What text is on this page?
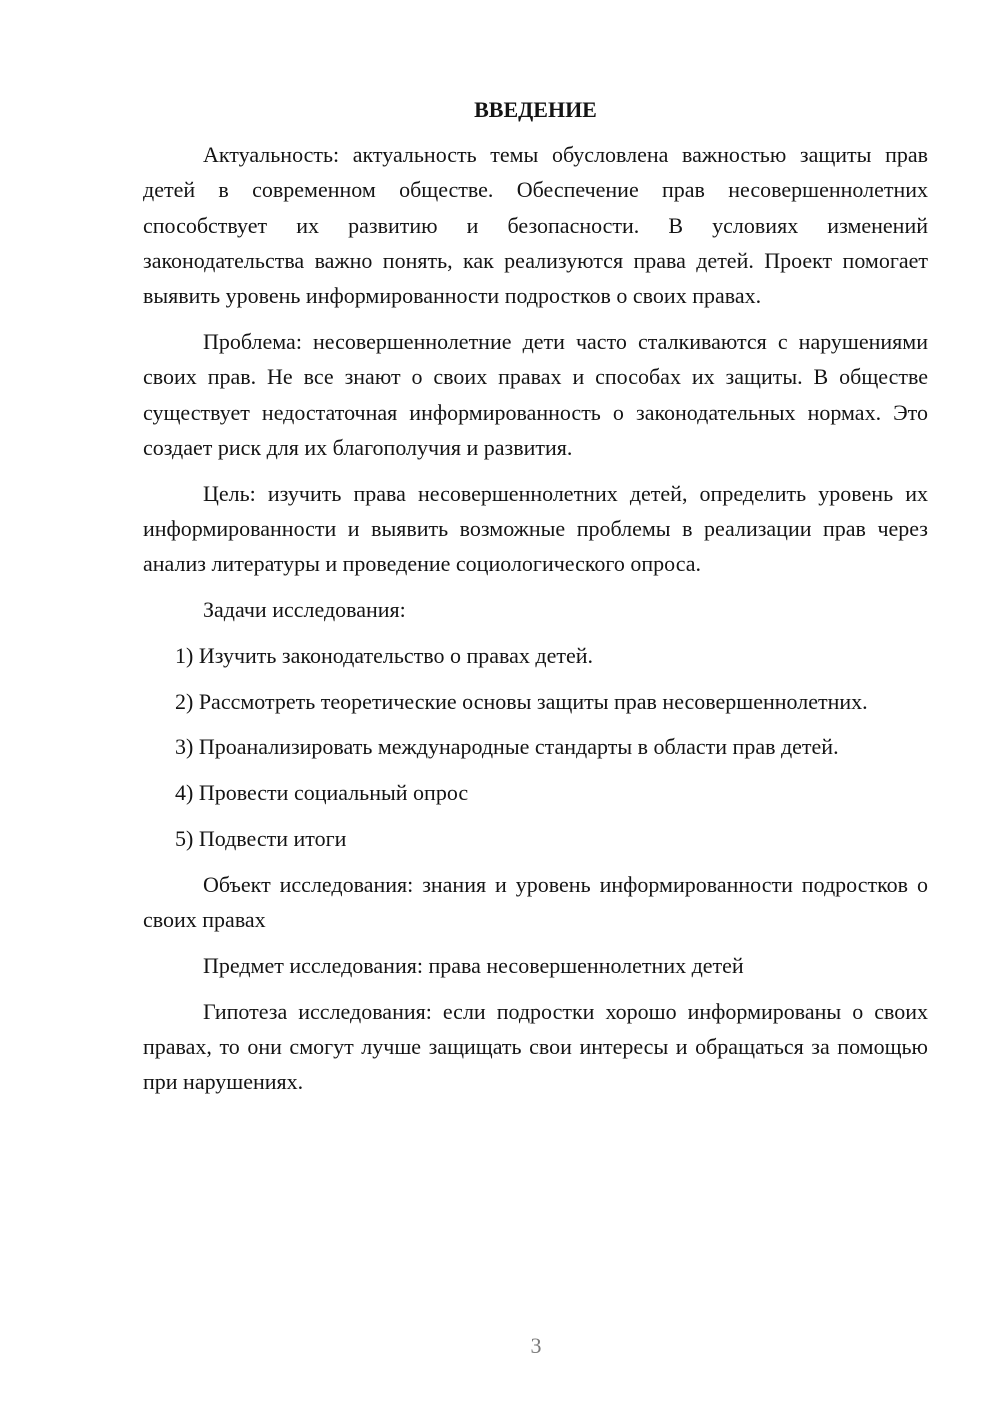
ВВЕДЕНИЕ

Актуальность: актуальность темы обусловлена важностью защиты прав детей в современном обществе. Обеспечение прав несовершеннолетних способствует их развитию и безопасности. В условиях изменений законодательства важно понять, как реализуются права детей. Проект помогает выявить уровень информированности подростков о своих правах.

Проблема: несовершеннолетние дети часто сталкиваются с нарушениями своих прав. Не все знают о своих правах и способах их защиты. В обществе существует недостаточная информированность о законодательных нормах. Это создает риск для их благополучия и развития.

Цель: изучить права несовершеннолетних детей, определить уровень их информированности и выявить возможные проблемы в реализации прав через анализ литературы и проведение социологического опроса.

Задачи исследования:

1) Изучить законодательство о правах детей.

2) Рассмотреть теоретические основы защиты прав несовершеннолетних.

3) Проанализировать международные стандарты в области прав детей.

4) Провести социальный опрос

5) Подвести итоги

Объект исследования: знания и уровень информированности подростков о своих правах

Предмет исследования: права несовершеннолетних детей

Гипотеза исследования: если подростки хорошо информированы о своих правах, то они смогут лучше защищать свои интересы и обращаться за помощью при нарушениях.

3
